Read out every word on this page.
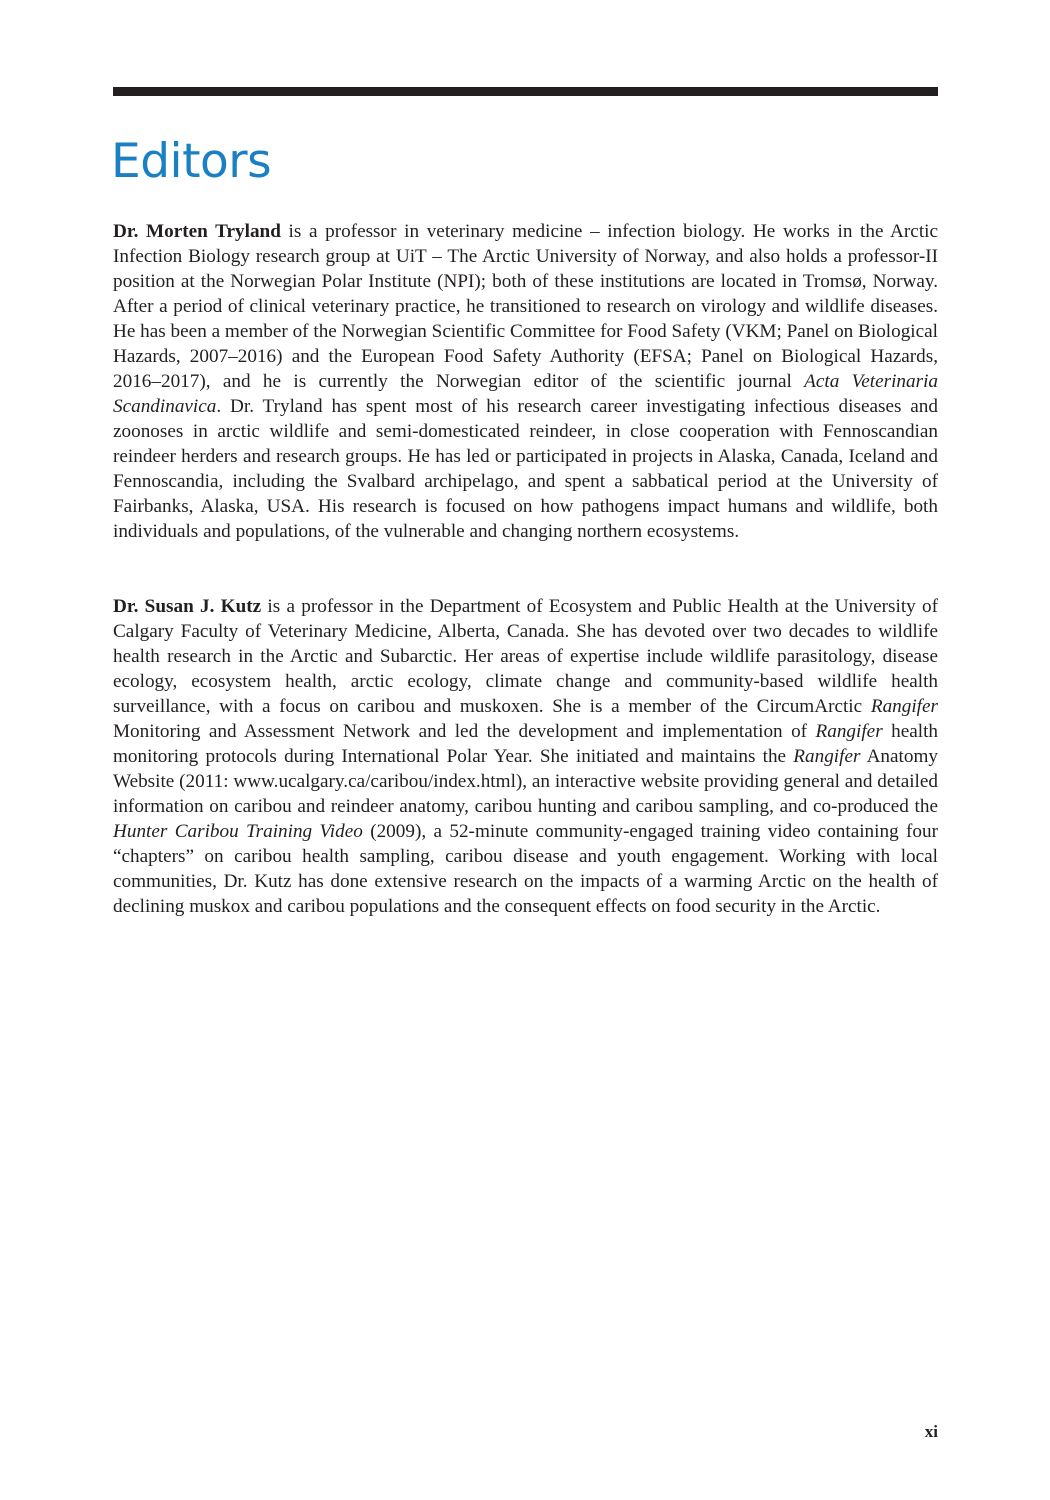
Editors

Dr. Morten Tryland is a professor in veterinary medicine – infection biology. He works in the Arctic Infection Biology research group at UiT – The Arctic University of Norway, and also holds a professor-II position at the Norwegian Polar Institute (NPI); both of these institutions are located in Tromsø, Norway. After a period of clinical veterinary practice, he transitioned to research on virology and wildlife diseases. He has been a member of the Norwegian Scientific Committee for Food Safety (VKM; Panel on Biological Hazards, 2007–2016) and the European Food Safety Authority (EFSA; Panel on Biological Hazards, 2016–2017), and he is currently the Norwegian editor of the scientific journal Acta Veterinaria Scandinavica. Dr. Tryland has spent most of his research career investigating infectious diseases and zoonoses in arctic wildlife and semi-domesticated reindeer, in close cooperation with Fennoscandian reindeer herders and research groups. He has led or participated in projects in Alaska, Canada, Iceland and Fennoscandia, including the Svalbard archipelago, and spent a sabbatical period at the University of Fairbanks, Alaska, USA. His research is focused on how pathogens impact humans and wildlife, both individuals and populations, of the vulnerable and changing northern ecosystems.

Dr. Susan J. Kutz is a professor in the Department of Ecosystem and Public Health at the University of Calgary Faculty of Veterinary Medicine, Alberta, Canada. She has devoted over two decades to wildlife health research in the Arctic and Subarctic. Her areas of expertise include wildlife parasitology, disease ecology, ecosystem health, arctic ecology, climate change and community-based wildlife health surveillance, with a focus on caribou and muskoxen. She is a member of the CircumArctic Rangifer Monitoring and Assessment Network and led the development and implementation of Rangifer health monitoring protocols during International Polar Year. She initiated and maintains the Rangifer Anatomy Website (2011: www.ucalgary.ca/caribou/index.html), an interactive website providing general and detailed information on caribou and reindeer anatomy, caribou hunting and caribou sampling, and co-produced the Hunter Caribou Training Video (2009), a 52-minute community-engaged training video containing four “chapters” on caribou health sampling, caribou disease and youth engagement. Working with local communities, Dr. Kutz has done extensive research on the impacts of a warming Arctic on the health of declining muskox and caribou populations and the consequent effects on food security in the Arctic.

xi
